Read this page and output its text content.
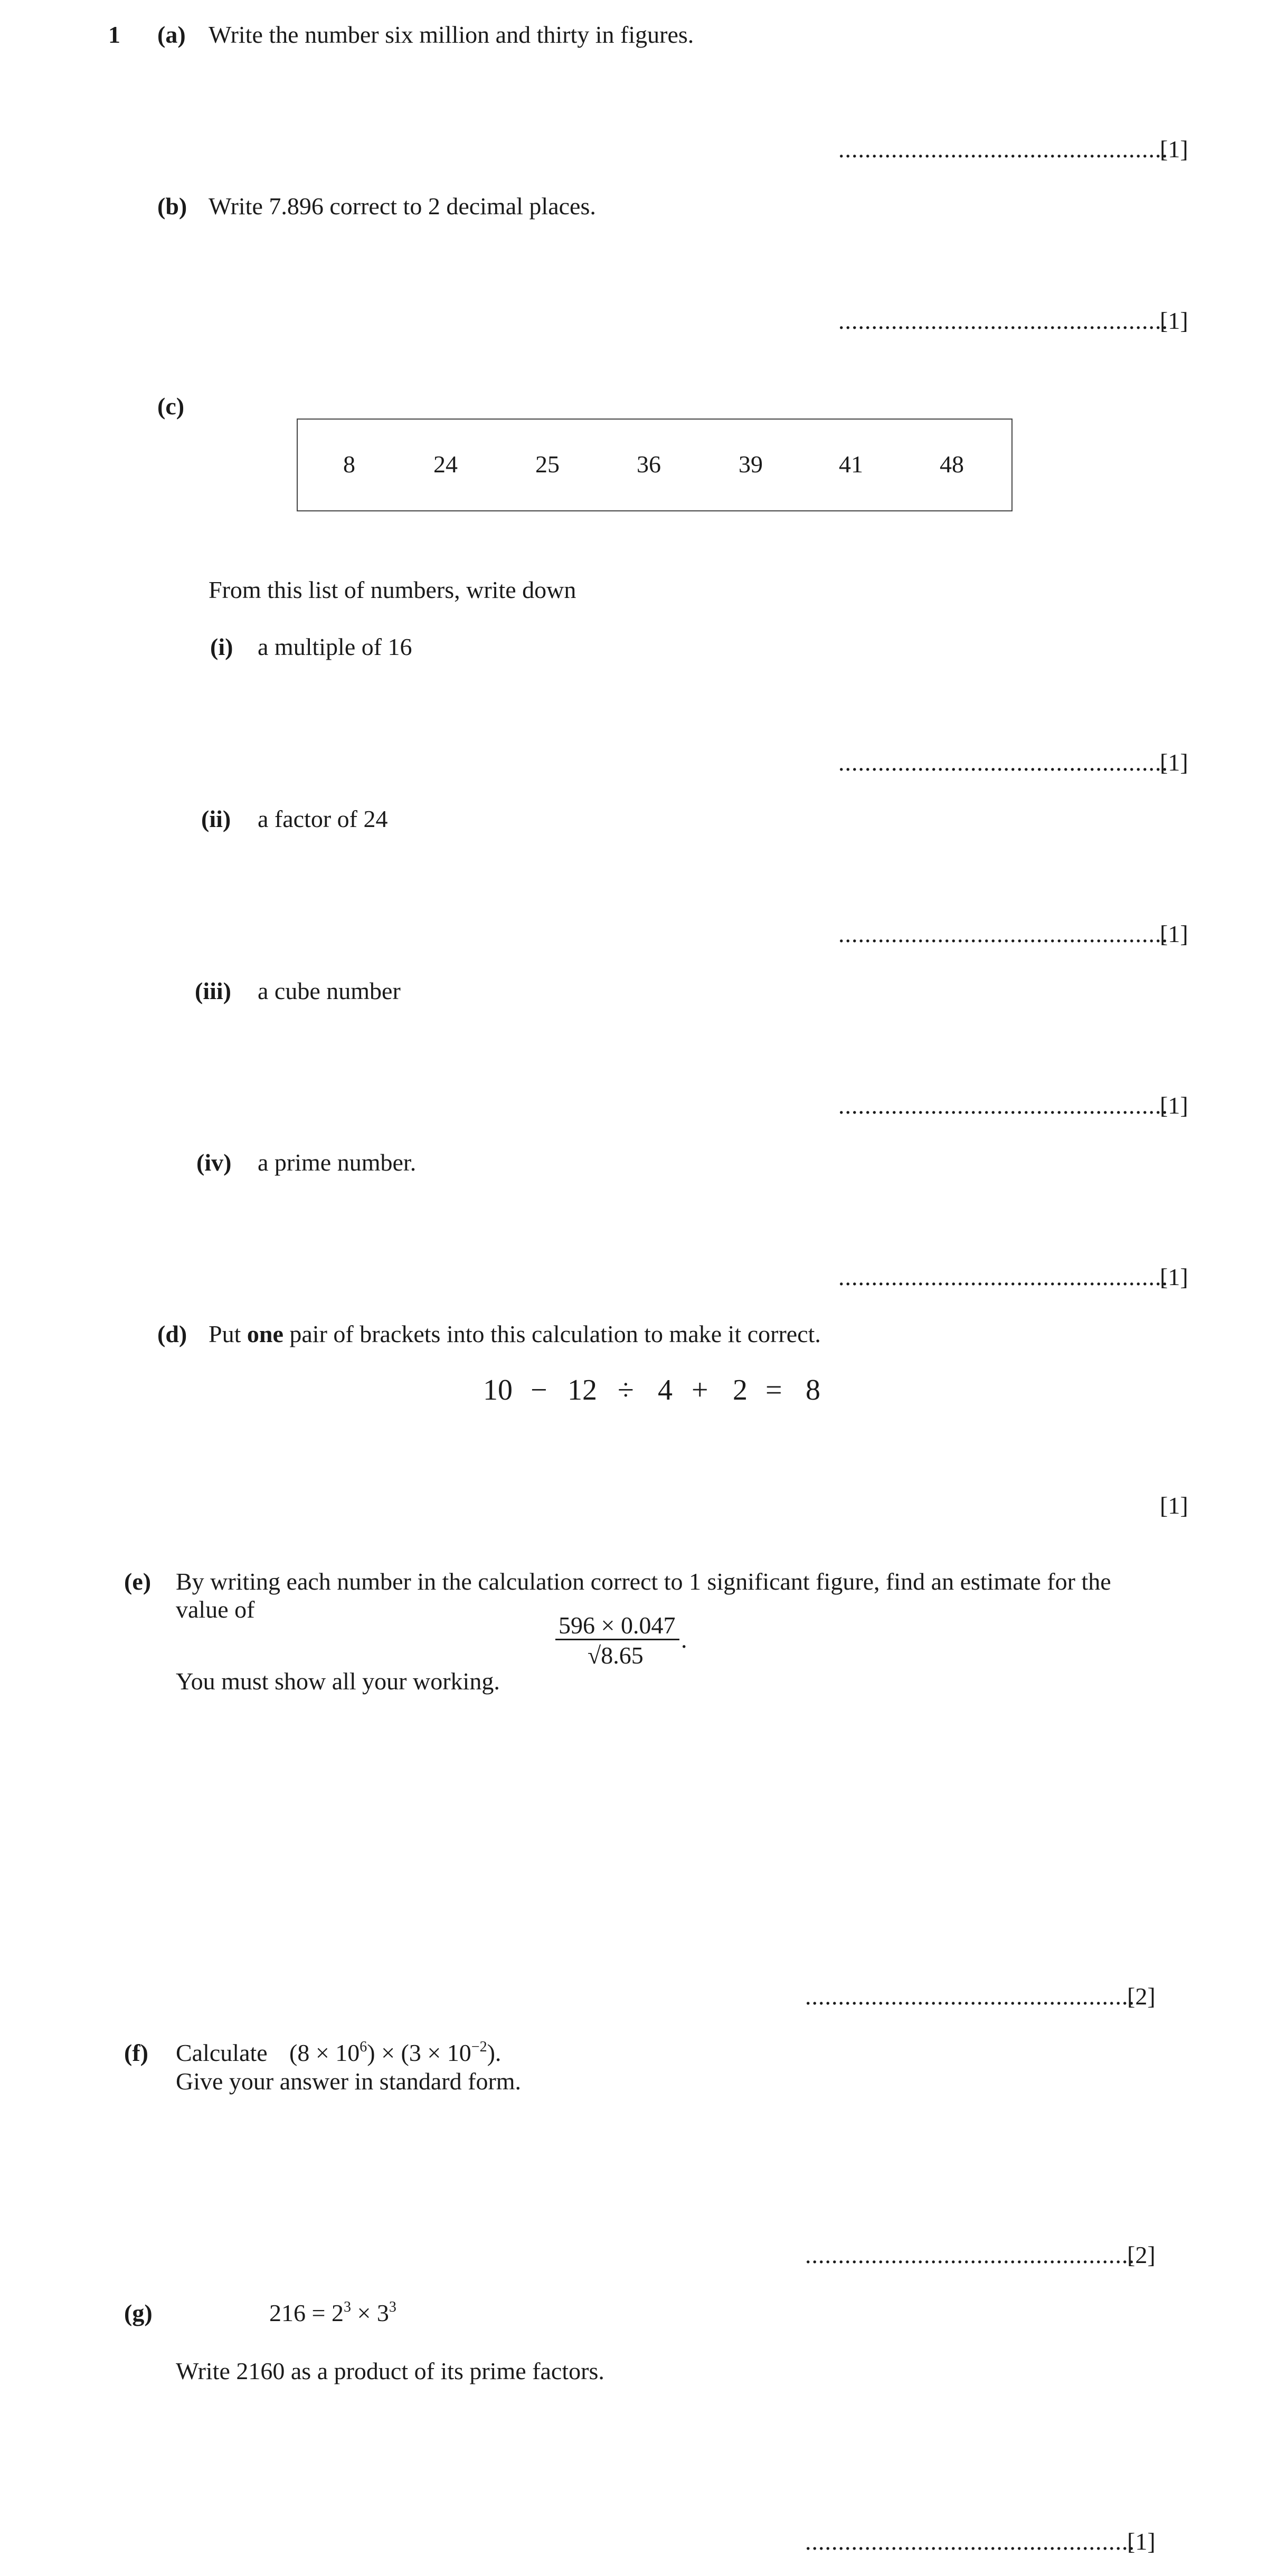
1 (a) Write the number six million and thirty in figures.
..................................................
[1]
(b) Write 7.896 correct to 2 decimal places.
..................................................
[1]
(c)
8	24	25	36	39	41	48
From this list of numbers, write down
(i) a multiple of 16
..................................................
[1]
(ii) a factor of 24
..................................................
[1]
(iii) a cube number
..................................................
[1]
(iv) a prime number.
..................................................
[1]
(d) Put one pair of brackets into this calculation to make it correct.
10 − 12 ÷ 4 + 2 = 8
[1]
(e) By writing each number in the calculation correct to 1 significant figure, find an estimate for the
value of
596 × 0.047
√8.65
.
You must show all your working.
..................................................
[2]
(f) Calculate $(8 \times 10^6) \times (3 \times 10^{-2})$.
Give your answer in standard form.
..................................................
[2]
(g)	$216 = 2^3 \times 3^3$
Write 2160 as a product of its prime factors.
..................................................
[1]
